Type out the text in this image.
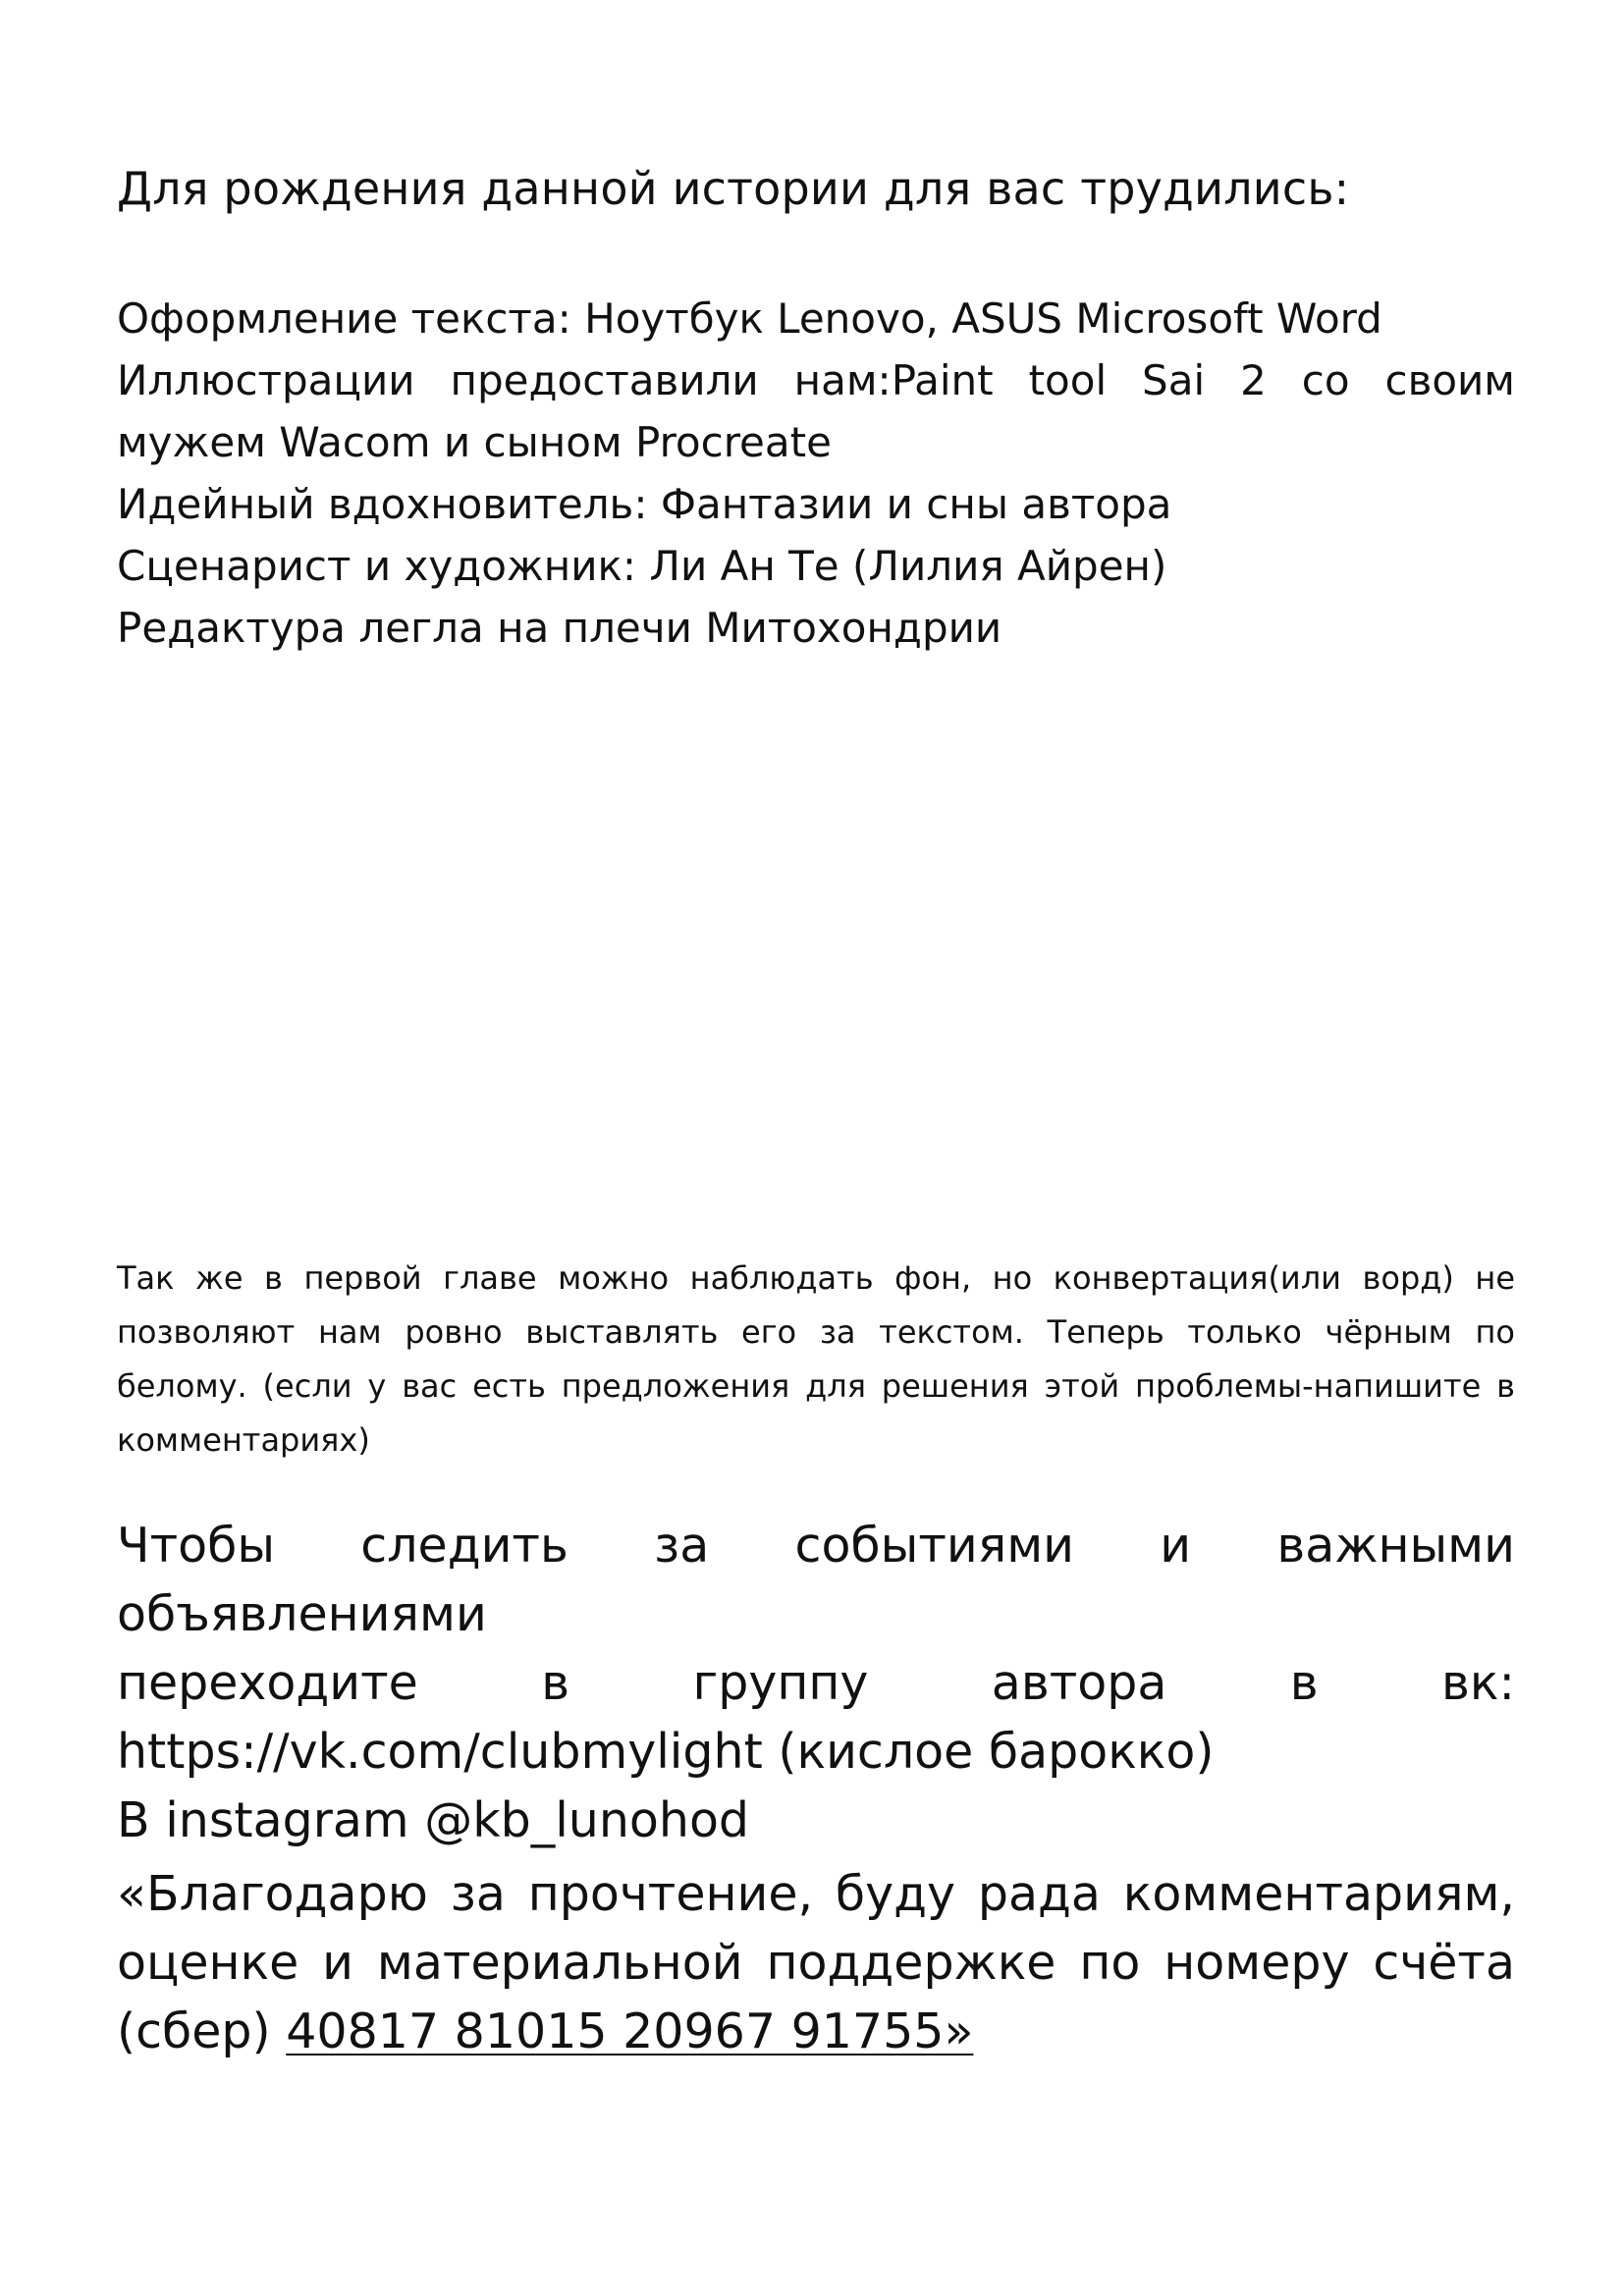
Для рождения данной истории для вас трудились:

Оформление текста: Ноутбук Lenovo, ASUS Microsoft Word

Иллюстрации предоставили нам:Paint tool Sai 2 со своим

мужем Wacom и сыном Procreate

Идейный вдохновитель: Фантазии и сны автора

Сценарист и художник: Ли Ан Те (Лилия Айрен)

Редактура легла на плечи Митохондрии

Так же в первой главе можно наблюдать фон, но конвертация(или ворд) не позволяют нам ровно выставлять его за текстом. Теперь только чёрным по белому. (если у вас есть предложения для решения этой проблемы-напишите в комментариях)

Чтобы следить за событиями и важными объявлениями

переходите в группу автора в вк:

https://vk.com/clubmylight (кислое барокко)

В instagram @kb_lunohod

«Благодарю за прочтение, буду рада комментариям, оценке и материальной поддержке по номеру счёта (сбер) 40817 81015 20967 91755»
